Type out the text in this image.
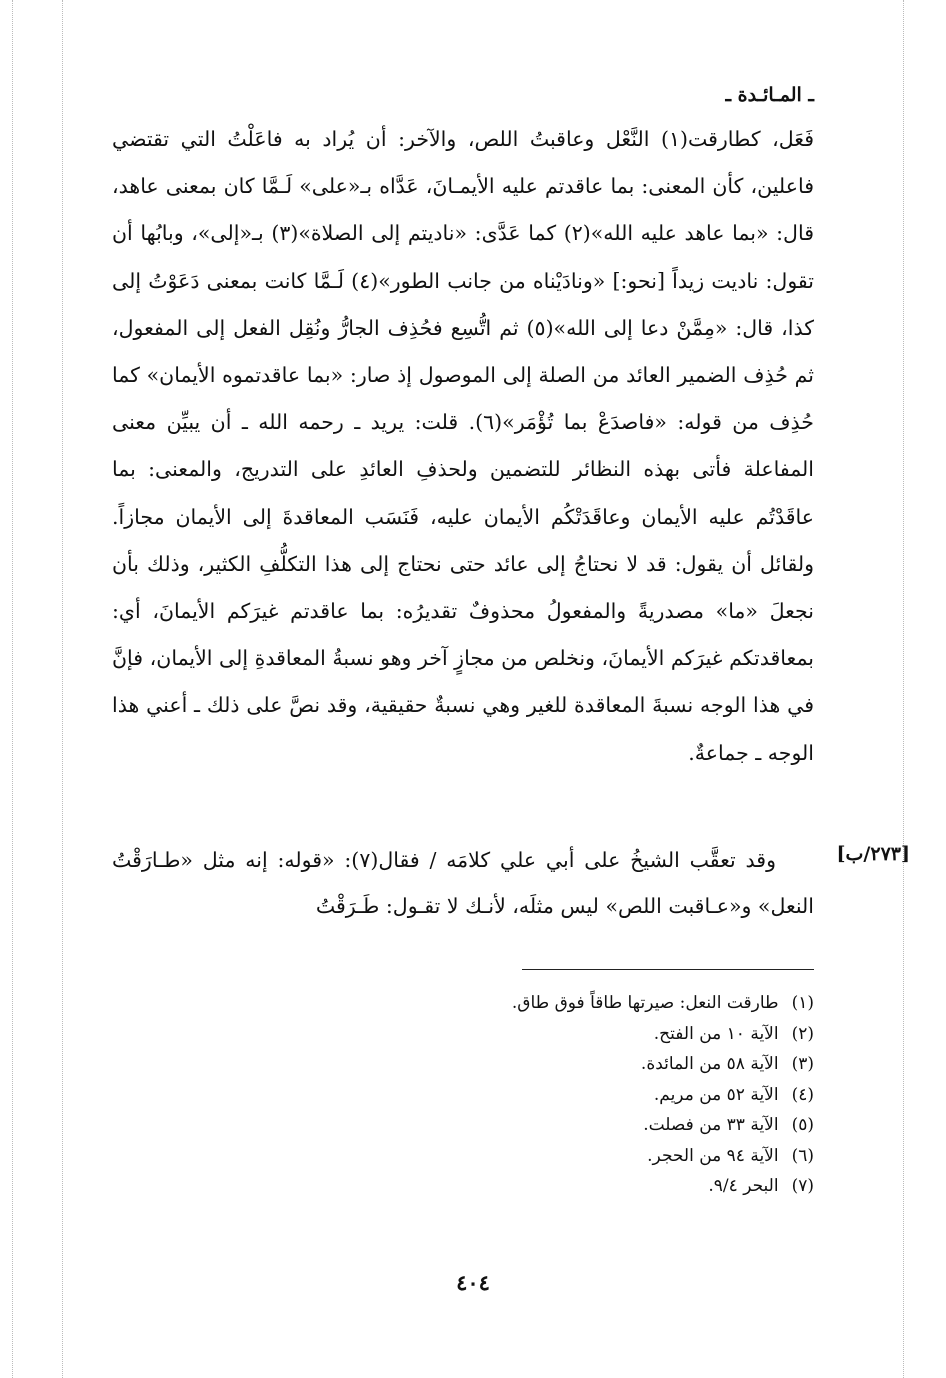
ـ المـائـدة ـ

فَعَل، كطارقت(١) النَّعْل وعاقبتُ اللص، والآخر: أن يُراد به فاعَلْتُ التي تقتضي فاعلين، كأن المعنى: بما عاقدتم عليه الأيمـانَ، عَدَّاه بـ«على» لَـمَّا كان بمعنى عاهد، قال: «بما عاهد عليه الله»(٢) كما عَدَّى: «ناديتم إلى الصلاة»(٣) بـ«إلى»، وبابُها أن تقول: ناديت زيداً [نحو:] «ونادَيْناه من جانب الطور»(٤) لَـمَّا كانت بمعنى دَعَوْتُ إلى كذا، قال: «مِمَّنْ دعا إلى الله»(٥) ثم اتُّسِع فحُذِف الجارُّ ونُقِل الفعل إلى المفعول، ثم حُذِف الضمير العائد من الصلة إلى الموصول إذ صار: «بما عاقدتموه الأيمان» كما حُذِف من قوله: «فاصدَعْ بما تُؤْمَر»(٦). قلت: يريد ـ رحمه الله ـ أن يبيِّن معنى المفاعلة فأتى بهذه النظائر للتضمين ولحذفِ العائدِ على التدريج، والمعنى: بما عاقَدْتُم عليه الأيمان وعاقَدَتْكُم الأيمان عليه، فَنَسَب المعاقدةَ إلى الأيمان مجازاً. ولقائل أن يقول: قد لا نحتاجُ إلى عائد حتى نحتاج إلى هذا التكلُّفِ الكثير، وذلك بأن نجعلَ «ما» مصدريةً والمفعولُ محذوفٌ تقديرُه: بما عاقدتم غيرَكم الأيمانَ، أي: بمعاقدتكم غيرَكم الأيمانَ، ونخلص من مجازٍ آخر وهو نسبةُ المعاقدةِ إلى الأيمان، فإنَّ في هذا الوجه نسبةَ المعاقدة للغير وهي نسبةٌ حقيقية، وقد نصَّ على ذلك ـ أعني هذا الوجه ـ جماعةٌ.

[٢٧٣/ب]
وقد تعقَّب الشيخُ على أبي علي كلامَه / فقال(٧): «قوله: إنه مثل «طـارَقْتُ النعل» و«عـاقبت اللص» ليس مثلَه، لأنـك لا تقـول: طَـرَقْتُ
(١) طارقت النعل: صيرتها طاقاً فوق طاق.
(٢) الآية ١٠ من الفتح.
(٣) الآية ٥٨ من المائدة.
(٤) الآية ٥٢ من مريم.
(٥) الآية ٣٣ من فصلت.
(٦) الآية ٩٤ من الحجر.
(٧) البحر ٩/٤.
٤٠٤
